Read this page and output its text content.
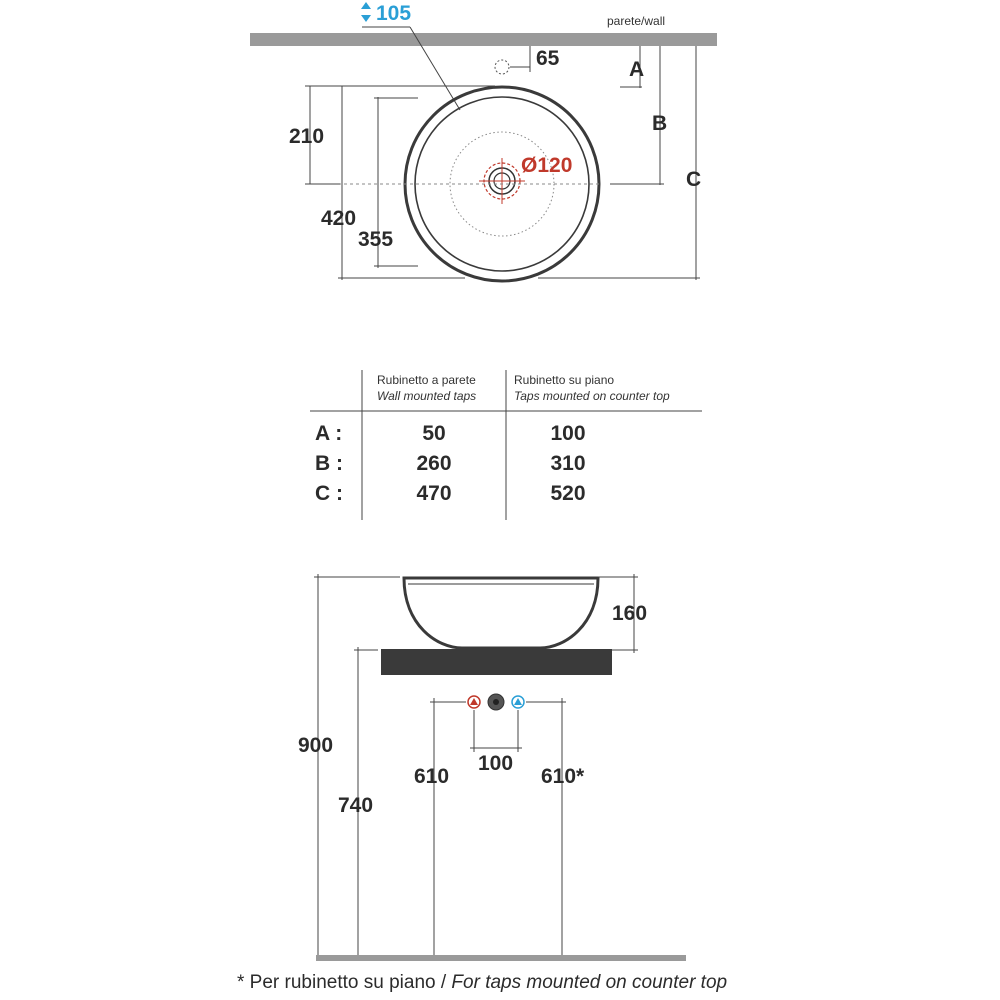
parete/wall
105
65	A
B
C
Ø120
210
420
355
Rubinetto a parete
Wall mounted taps
Rubinetto su piano
Taps mounted on counter top
A :	50	100
B :	260	310
C :	470	520
160
900
740
610
100
610*
* Per rubinetto su piano / For taps mounted on counter top
